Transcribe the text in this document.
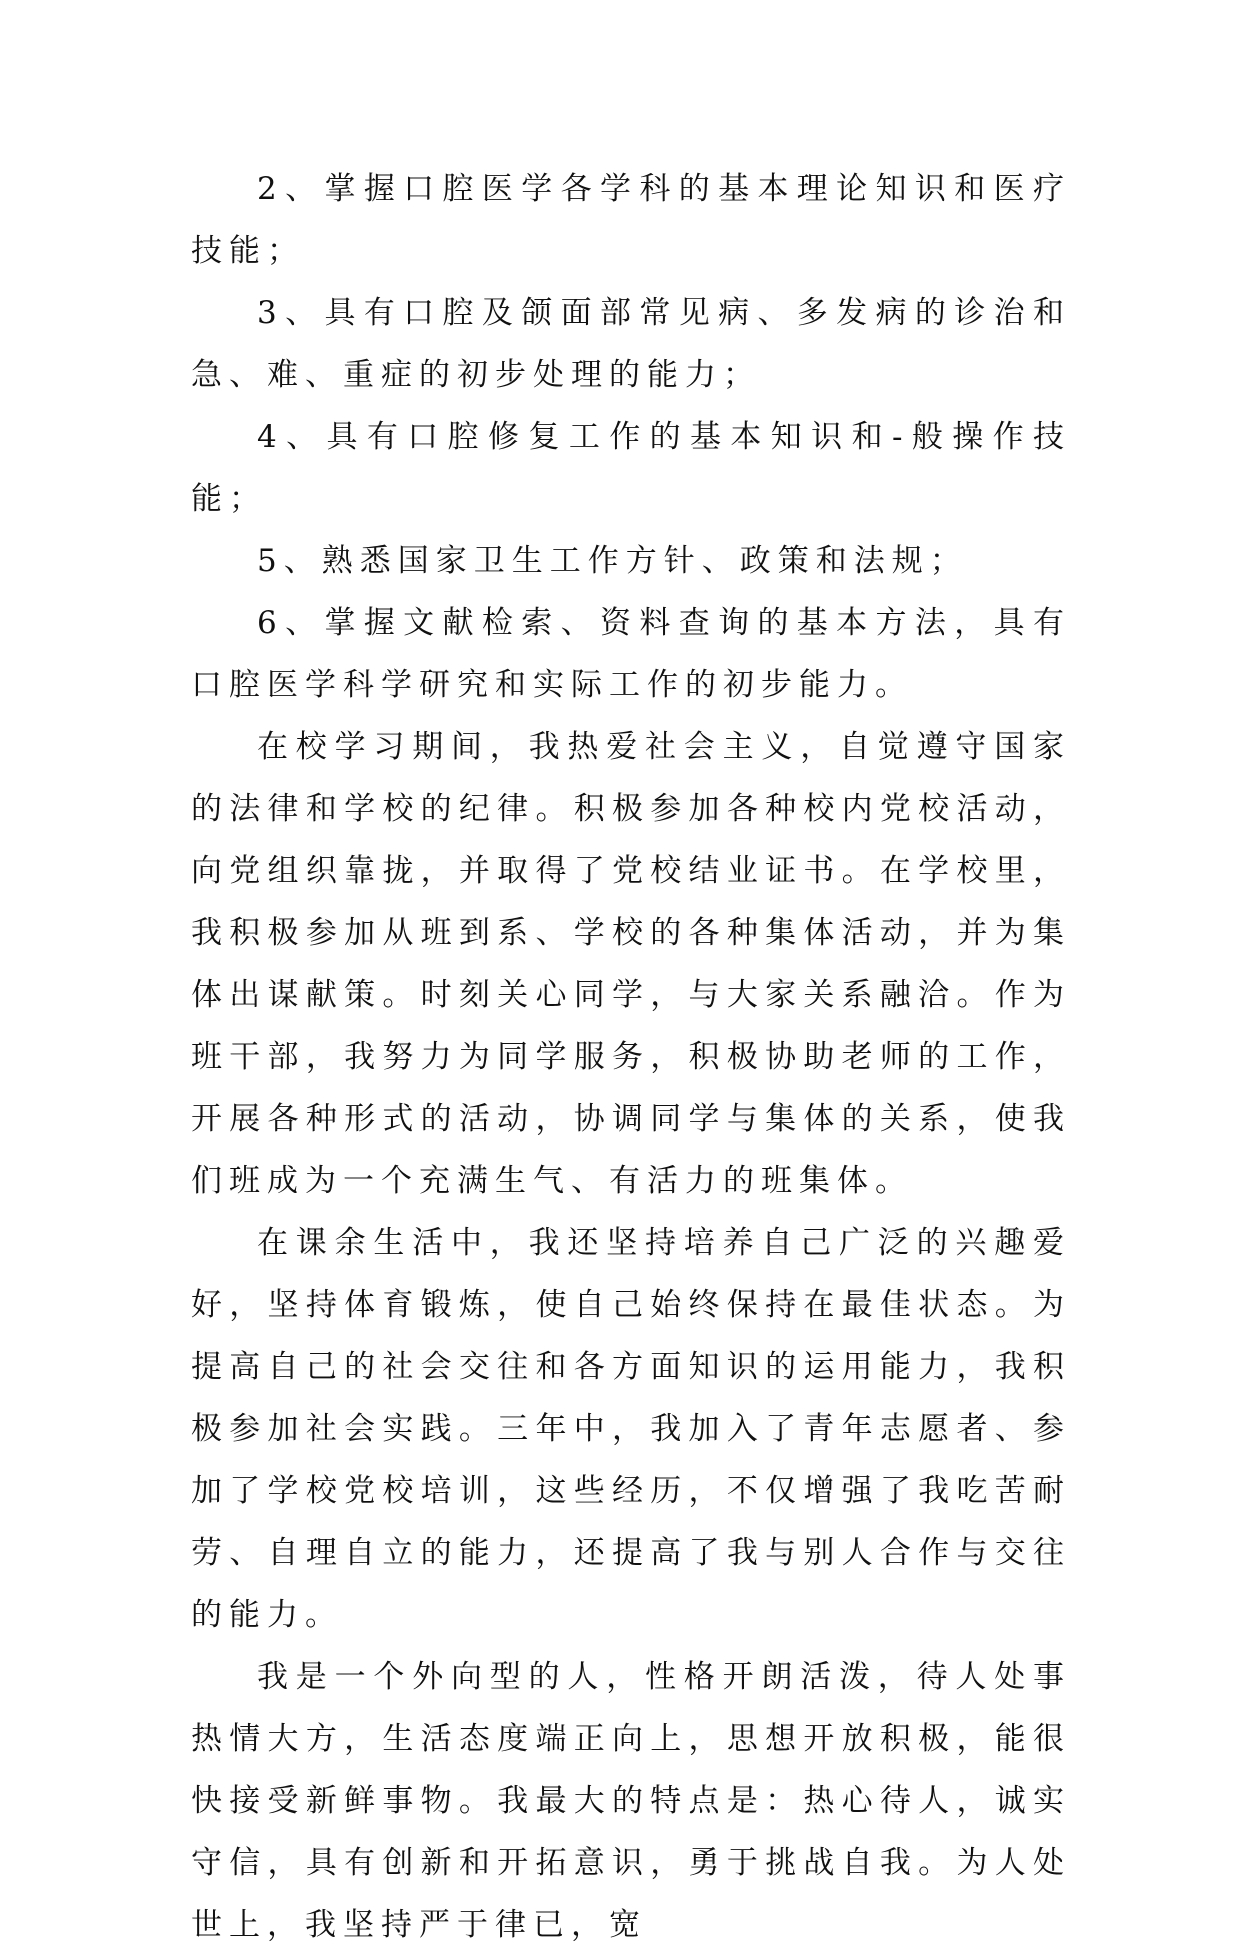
2、掌握口腔医学各学科的基本理论知识和医疗技能；

3、具有口腔及颌面部常见病、多发病的诊治和急、难、重症的初步处理的能力；

4、具有口腔修复工作的基本知识和-般操作技能；

5、熟悉国家卫生工作方针、政策和法规；

6、掌握文献检索、资料查询的基本方法，具有口腔医学科学研究和实际工作的初步能力。

在校学习期间，我热爱社会主义，自觉遵守国家的法律和学校的纪律。积极参加各种校内党校活动，向党组织靠拢，并取得了党校结业证书。在学校里，我积极参加从班到系、学校的各种集体活动，并为集体出谋献策。时刻关心同学，与大家关系融洽。作为班干部，我努力为同学服务，积极协助老师的工作，开展各种形式的活动，协调同学与集体的关系，使我们班成为一个充满生气、有活力的班集体。

在课余生活中，我还坚持培养自己广泛的兴趣爱好，坚持体育锻炼，使自己始终保持在最佳状态。为提高自己的社会交往和各方面知识的运用能力，我积极参加社会实践。三年中，我加入了青年志愿者、参加了学校党校培训，这些经历，不仅增强了我吃苦耐劳、自理自立的能力，还提高了我与别人合作与交往的能力。

我是一个外向型的人，性格开朗活泼，待人处事热情大方，生活态度端正向上，思想开放积极，能很快接受新鲜事物。我最大的特点是：热心待人，诚实守信，具有创新和开拓意识，勇于挑战自我。为人处世上，我坚持严于律已，宽
